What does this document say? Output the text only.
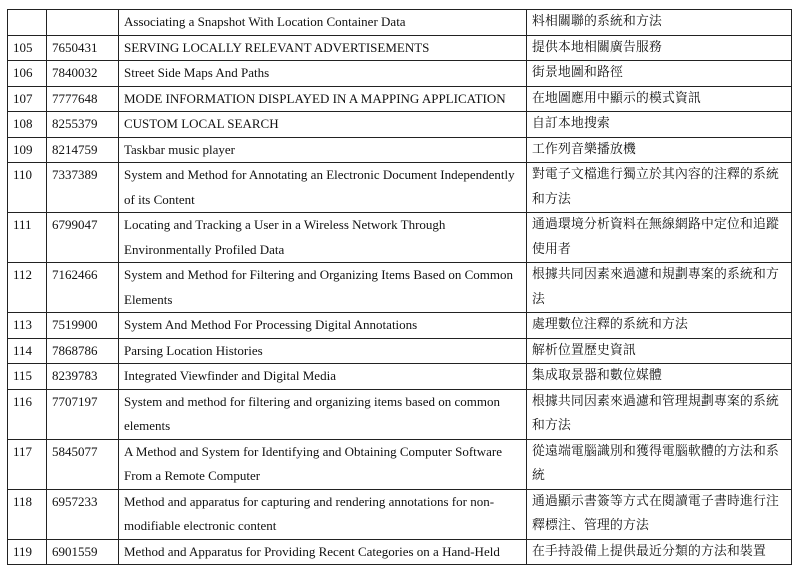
		Associating a Snapshot With Location Container Data	料相關聯的系統和方法
105	7650431	SERVING LOCALLY RELEVANT ADVERTISEMENTS	提供本地相關廣告服務
106	7840032	Street Side Maps And Paths	街景地圖和路徑
107	7777648	MODE INFORMATION DISPLAYED IN A MAPPING APPLICATION	在地圖應用中顯示的模式資訊
108	8255379	CUSTOM LOCAL SEARCH	自訂本地搜索
109	8214759	Taskbar music player	工作列音樂播放機
110	7337389	System and Method for Annotating an Electronic Document Independently of its Content	對電子文檔進行獨立於其內容的注釋的系統和方法
111	6799047	Locating and Tracking a User in a Wireless Network Through Environmentally Profiled Data	通過環境分析資料在無線網路中定位和追蹤使用者
112	7162466	System and Method for Filtering and Organizing Items Based on Common Elements	根據共同因素來過濾和規劃專案的系統和方法
113	7519900	System And Method For Processing Digital Annotations	處理數位注釋的系統和方法
114	7868786	Parsing Location Histories	解析位置歷史資訊
115	8239783	Integrated Viewfinder and Digital Media	集成取景器和數位媒體
116	7707197	System and method for filtering and organizing items based on common elements	根據共同因素來過濾和管理規劃專案的系統和方法
117	5845077	A Method and System for Identifying and Obtaining Computer Software From a Remote Computer	從遠端電腦識別和獲得電腦軟體的方法和系統
118	6957233	Method and apparatus for capturing and rendering annotations for non-modifiable electronic content	通過顯示書簽等方式在閱讀電子書時進行注釋標注、管理的方法
119	6901559	Method and Apparatus for Providing Recent Categories on a Hand-Held	在手持設備上提供最近分類的方法和裝置
